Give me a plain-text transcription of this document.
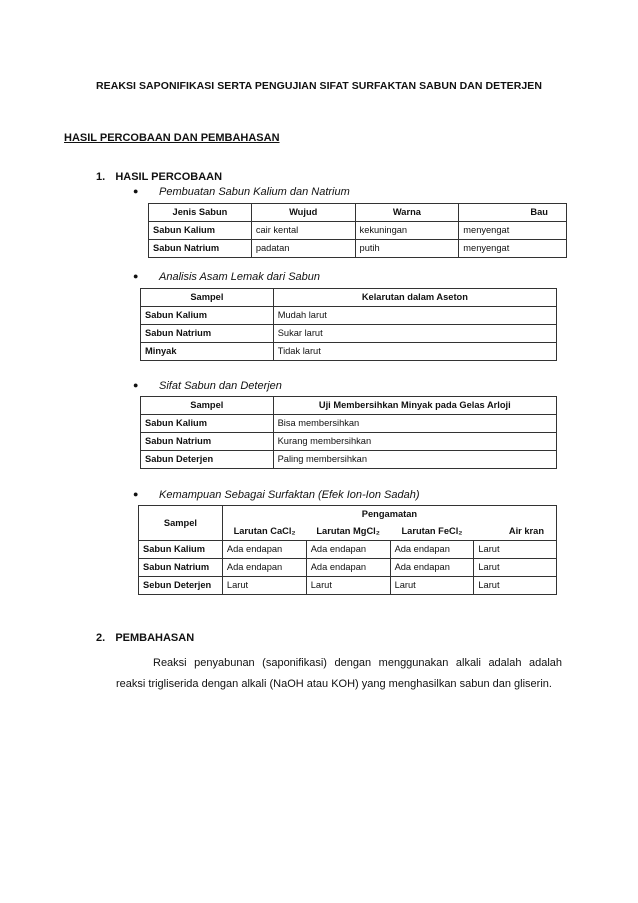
REAKSI SAPONIFIKASI SERTA PENGUJIAN SIFAT SURFAKTAN SABUN DAN DETERJEN
HASIL PERCOBAAN DAN PEMBAHASAN
1. HASIL PERCOBAAN
● Pembuatan Sabun Kalium dan Natrium
Jenis Sabun	Wujud	Warna	Bau
Sabun Kalium	cair kental	kekuningan	menyengat
Sabun Natrium	padatan	putih	menyengat
● Analisis Asam Lemak dari Sabun
Sampel	Kelarutan dalam Aseton
Sabun Kalium	Mudah larut
Sabun Natrium	Sukar larut
Minyak	Tidak larut
● Sifat Sabun dan Deterjen
Sampel	Uji Membersihkan Minyak pada Gelas Arloji
Sabun Kalium	Bisa membersihkan
Sabun Natrium	Kurang membersihkan
Sabun Deterjen	Paling membersihkan
● Kemampuan Sebagai Surfaktan (Efek Ion-Ion Sadah)
Sampel	Pengamatan			
	Larutan CaCl₂	Larutan MgCl₂	Larutan FeCl₂	Air kran
Sabun Kalium	Ada endapan	Ada endapan	Ada endapan	Larut
Sabun Natrium	Ada endapan	Ada endapan	Ada endapan	Larut
Sebun Deterjen	Larut	Larut	Larut	Larut
2. PEMBAHASAN
Reaksi penyabunan (saponifikasi) dengan menggunakan alkali adalah adalah reaksi trigliserida dengan alkali (NaOH atau KOH) yang menghasilkan sabun dan gliserin.
